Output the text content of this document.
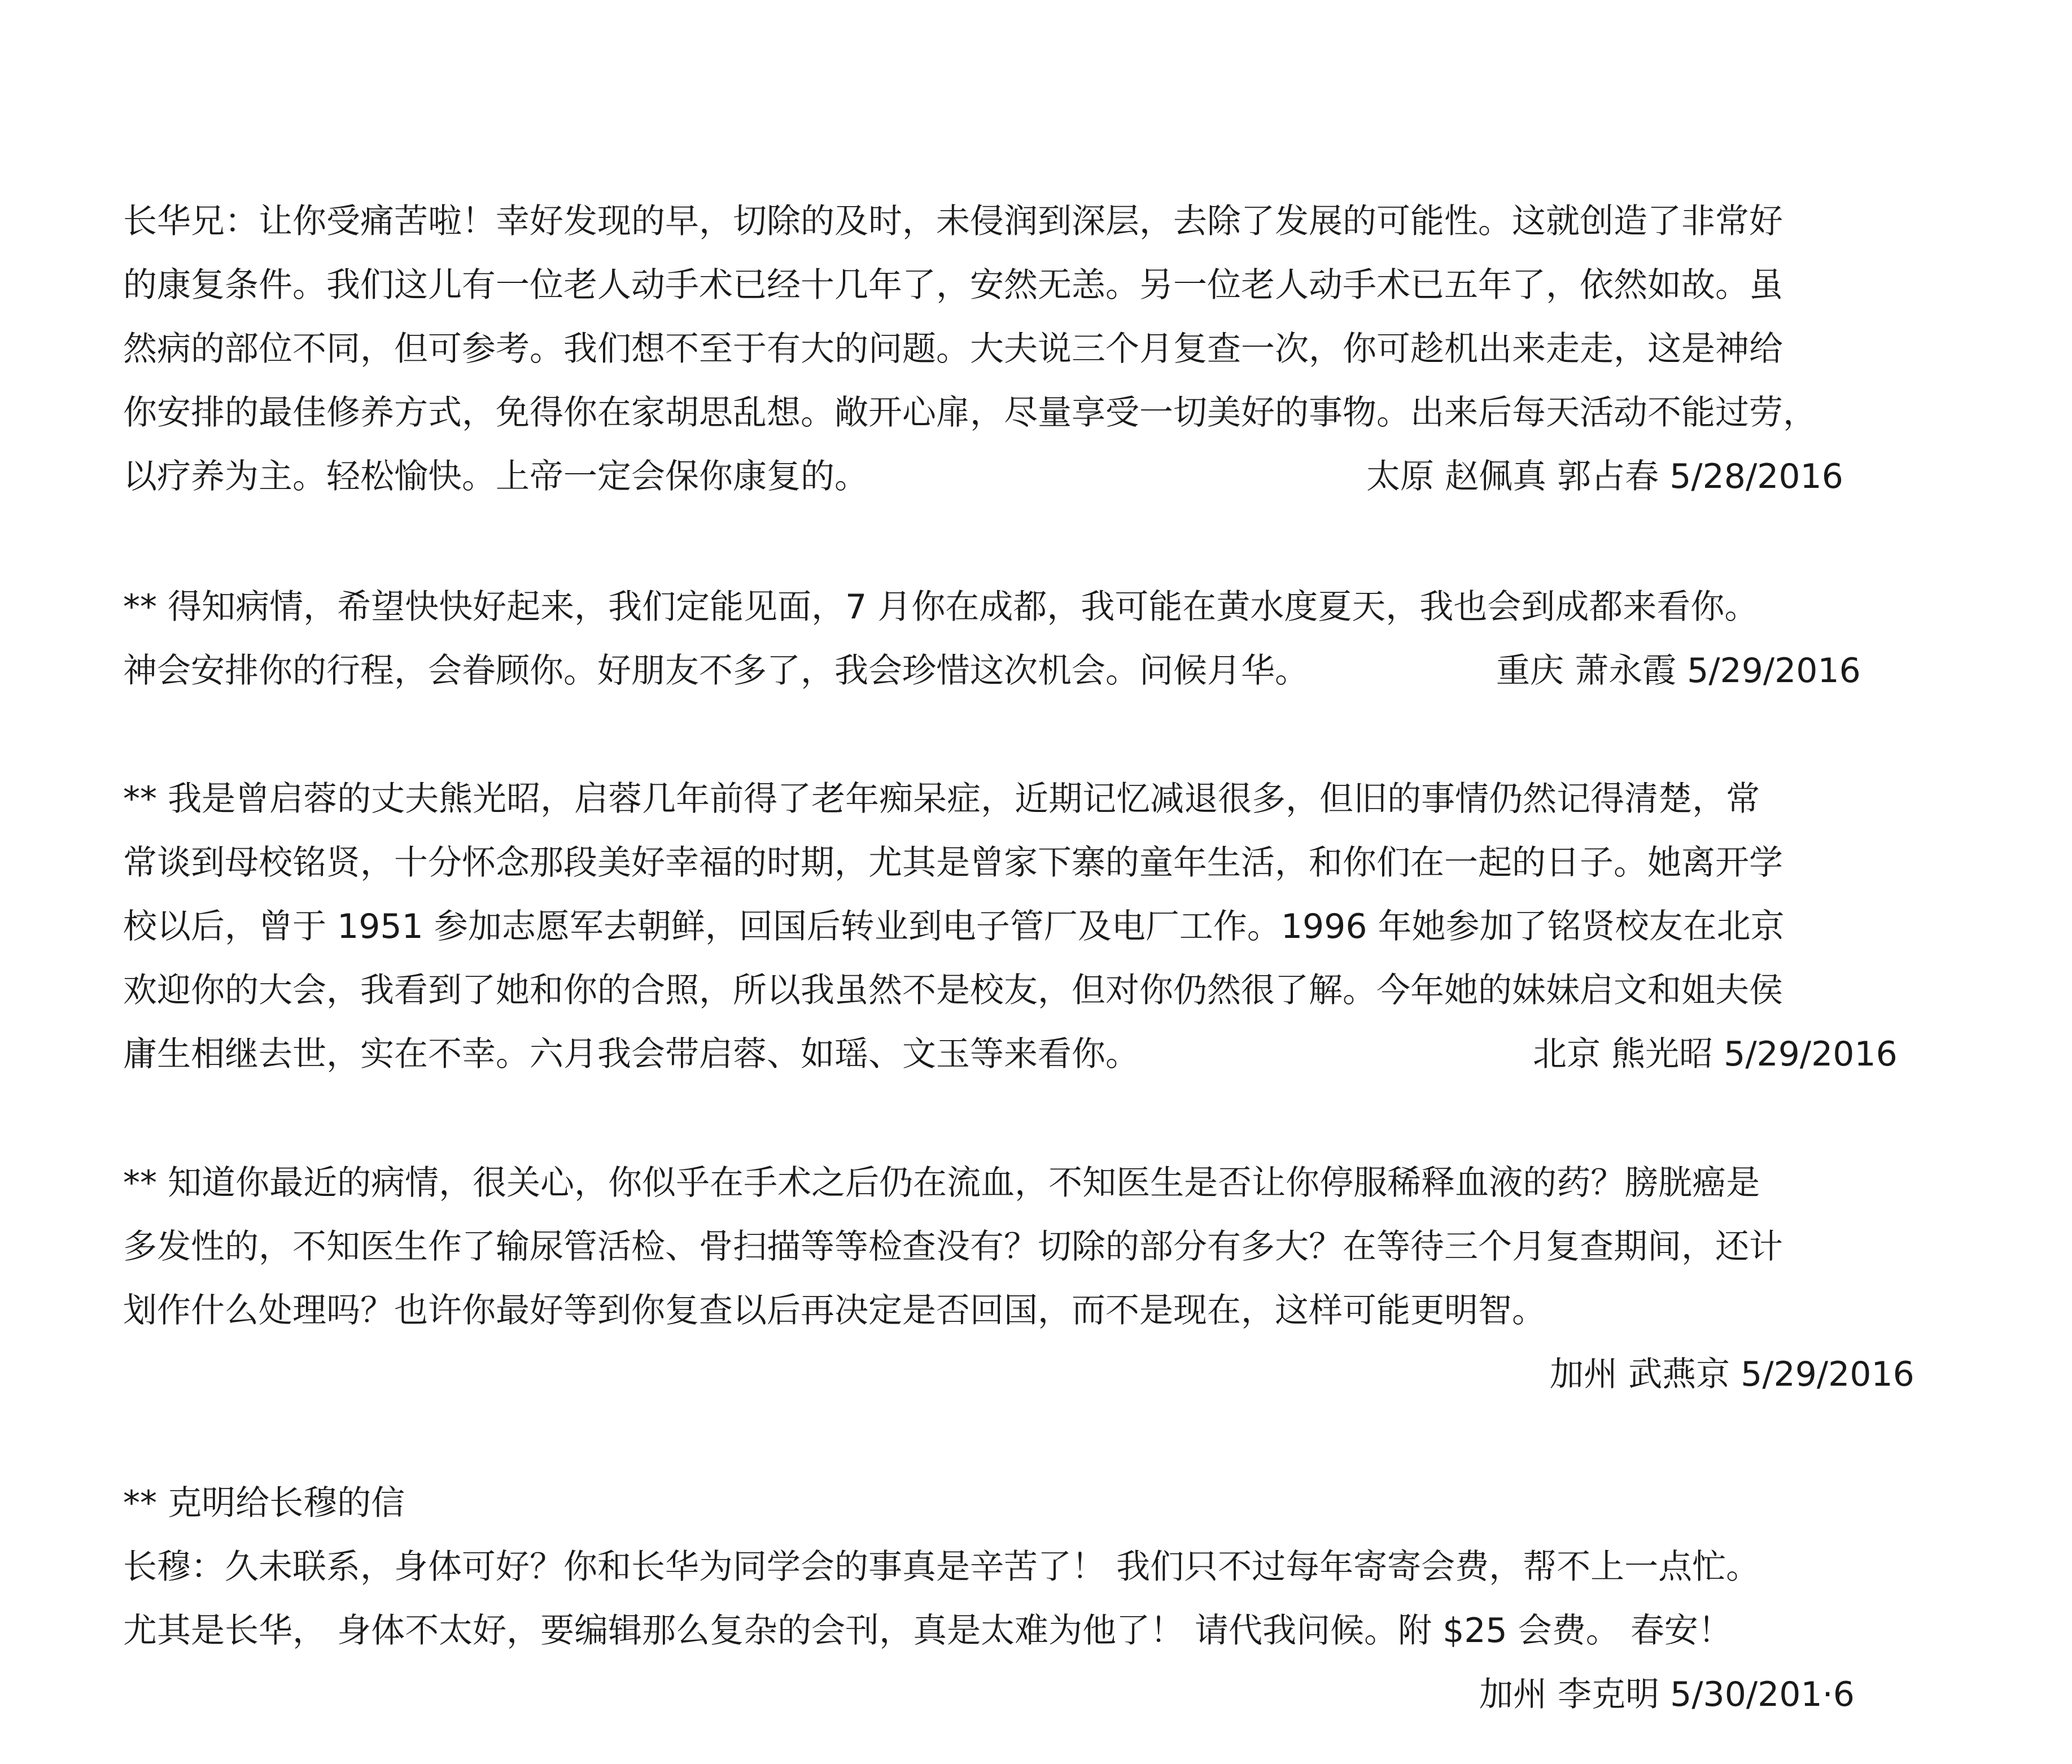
长华兄：让你受痛苦啦！幸好发现的早，切除的及时，未侵润到深层，去除了发展的可能性。这就创造了非常好
的康复条件。我们这儿有一位老人动手术已经十几年了，安然无恙。另一位老人动手术已五年了，依然如故。虽
然病的部位不同，但可参考。我们想不至于有大的问题。大夫说三个月复查一次，你可趁机出来走走，这是神给
你安排的最佳修养方式，免得你在家胡思乱想。敞开心扉，尽量享受一切美好的事物。出来后每天活动不能过劳，
以疗养为主。轻松愉快。上帝一定会保你康复的。	太原 赵佩真 郭占春 5/28/2016
** 得知病情，希望快快好起来，我们定能见面，7 月你在成都，我可能在黄水度夏天，我也会到成都来看你。
神会安排你的行程，会眷顾你。好朋友不多了，我会珍惜这次机会。问候月华。	重庆 萧永霞 5/29/2016
** 我是曾启蓉的丈夫熊光昭，启蓉几年前得了老年痴呆症，近期记忆减退很多，但旧的事情仍然记得清楚，常
常谈到母校铭贤，十分怀念那段美好幸福的时期，尤其是曾家下寨的童年生活，和你们在一起的日子。她离开学
校以后，曾于 1951 参加志愿军去朝鲜，回国后转业到电子管厂及电厂工作。1996 年她参加了铭贤校友在北京
欢迎你的大会，我看到了她和你的合照，所以我虽然不是校友，但对你仍然很了解。今年她的妹妹启文和姐夫侯
庸生相继去世，实在不幸。六月我会带启蓉、如瑶、文玉等来看你。	北京 熊光昭 5/29/2016
** 知道你最近的病情，很关心，你似乎在手术之后仍在流血，不知医生是否让你停服稀释血液的药？膀胱癌是
多发性的，不知医生作了输尿管活检、骨扫描等等检查没有？切除的部分有多大？在等待三个月复查期间，还计
划作什么处理吗？也许你最好等到你复查以后再决定是否回国，而不是现在，这样可能更明智。
加州 武燕京 5/29/2016
** 克明给长穆的信
长穆：久未联系，身体可好？你和长华为同学会的事真是辛苦了！ 我们只不过每年寄寄会费，帮不上一点忙。
尤其是长华， 身体不太好，要编辑那么复杂的会刊，真是太难为他了！ 请代我问候。附 $25 会费。 春安！
加州 李克明 5/30/201·6
